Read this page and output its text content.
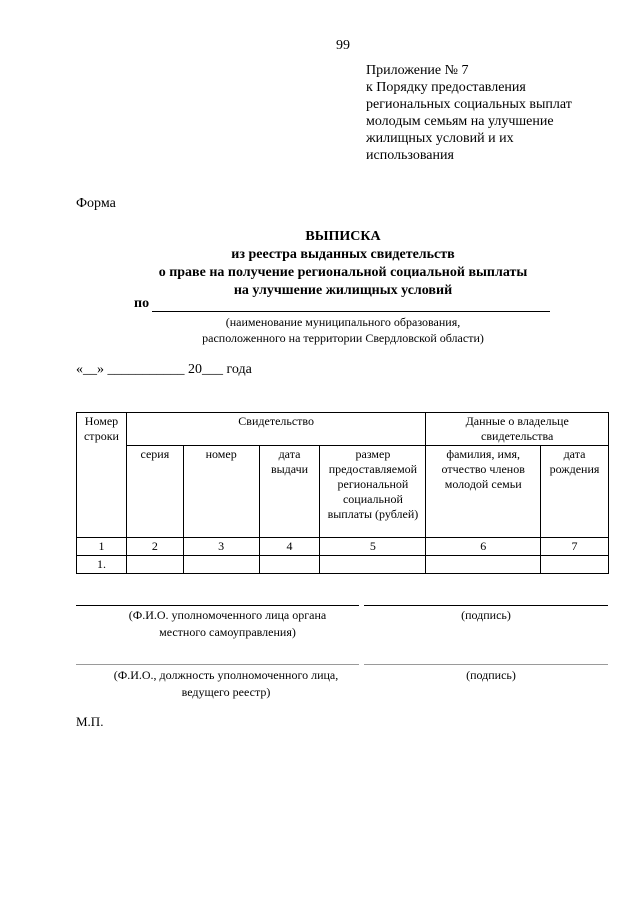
99
Приложение № 7
к Порядку предоставления
региональных социальных выплат
молодым семьям на улучшение
жилищных условий и их
использования
Форма
ВЫПИСКА
из реестра выданных свидетельств
о праве на получение региональной социальной выплаты
на улучшение жилищных условий
по
(наименование муниципального образования,
расположенного на территории Свердловской области)
«__» ___________ 20___ года
Номер строки	Свидетельство				Данные о владельце свидетельства	
	серия	номер	дата выдачи	размер предоставляемой региональной социальной выплаты (рублей)	фамилия, имя, отчество членов молодой семьи	дата рождения
1	2	3	4	5	6	7
1.						
(Ф.И.О. уполномоченного лица органа
местного самоуправления)
(подпись)
(Ф.И.О., должность уполномоченного лица,
ведущего реестр)
(подпись)
М.П.
